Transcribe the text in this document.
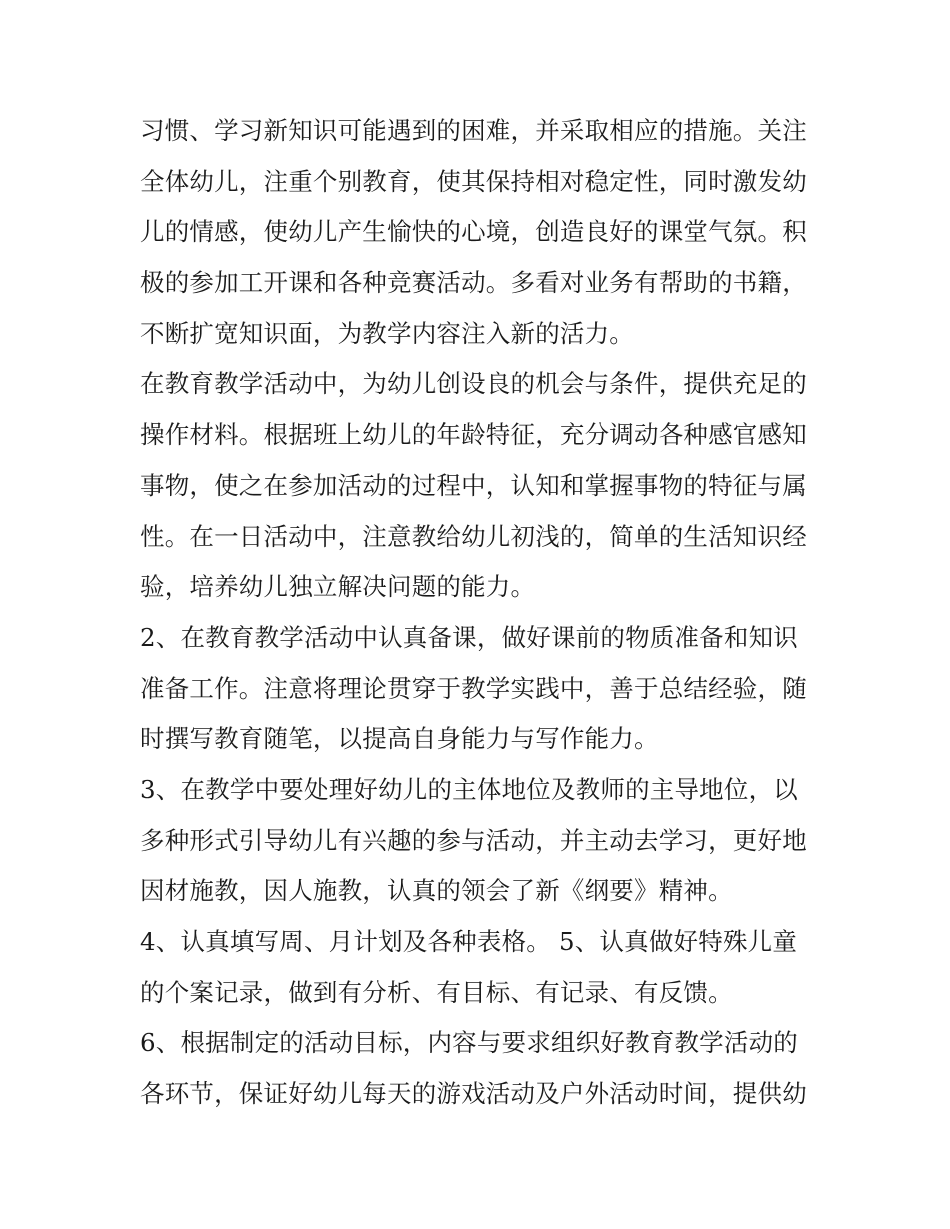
习惯、学习新知识可能遇到的困难，并采取相应的措施。关注
全体幼儿，注重个别教育，使其保持相对稳定性，同时激发幼
儿的情感，使幼儿产生愉快的心境，创造良好的课堂气氛。积
极的参加工开课和各种竞赛活动。多看对业务有帮助的书籍，
不断扩宽知识面，为教学内容注入新的活力。
在教育教学活动中，为幼儿创设良的机会与条件，提供充足的
操作材料。根据班上幼儿的年龄特征，充分调动各种感官感知
事物，使之在参加活动的过程中，认知和掌握事物的特征与属
性。在一日活动中，注意教给幼儿初浅的，简单的生活知识经
验，培养幼儿独立解决问题的能力。
2、在教育教学活动中认真备课，做好课前的物质准备和知识
准备工作。注意将理论贯穿于教学实践中，善于总结经验，随
时撰写教育随笔，以提高自身能力与写作能力。
3、在教学中要处理好幼儿的主体地位及教师的主导地位，以
多种形式引导幼儿有兴趣的参与活动，并主动去学习，更好地
因材施教，因人施教，认真的领会了新《纲要》精神。
4、认真填写周、月计划及各种表格。 5、认真做好特殊儿童
的个案记录，做到有分析、有目标、有记录、有反馈。
6、根据制定的活动目标，内容与要求组织好教育教学活动的
各环节，保证好幼儿每天的游戏活动及户外活动时间，提供幼
